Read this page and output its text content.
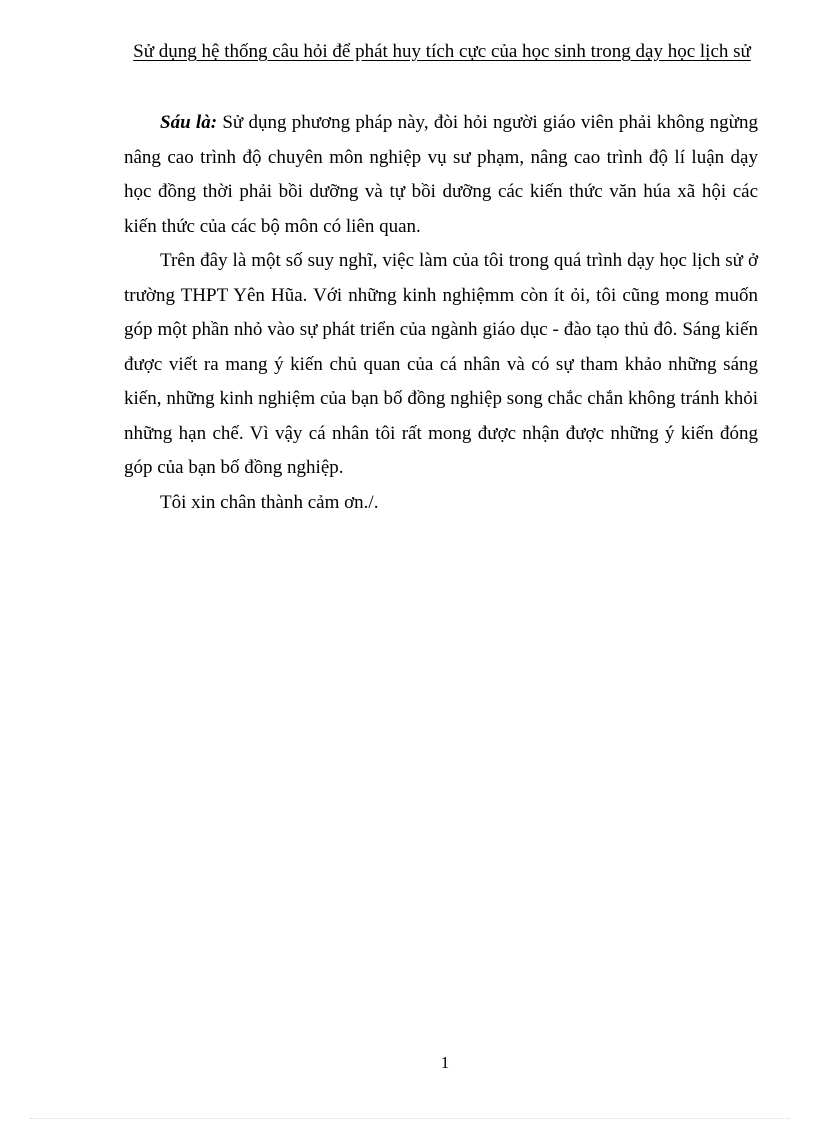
Sử dụng hệ thống câu hỏi để phát huy tích cực của học sinh trong dạy học lịch sử

Sáu là: Sử dụng phương pháp này, đòi hỏi người giáo viên phải không ngừng nâng cao trình độ chuyên môn nghiệp vụ sư phạm, nâng cao trình độ lí luận dạy học đồng thời phải bồi dưỡng và tự bồi dưỡng các kiến thức văn húa xã hội các kiến thức của các bộ môn có liên quan.

Trên đây là một số suy nghĩ, việc làm của tôi trong quá trình dạy học lịch sử ở trường THPT Yên Hũa. Với những kinh nghiệmm còn ít ỏi, tôi cũng mong muốn góp một phần nhỏ vào sự phát triển của ngành giáo dục - đào tạo thủ đô. Sáng kiến được viết ra mang ý kiến chủ quan của cá nhân và có sự tham khảo những sáng kiến, những kinh nghiệm của bạn bố đồng nghiệp song chắc chắn không tránh khỏi những hạn chế. Vì vậy cá nhân tôi rất mong được nhận được những ý kiến đóng góp của bạn bố đồng nghiệp.

Tôi xin chân thành cảm ơn./.

1
